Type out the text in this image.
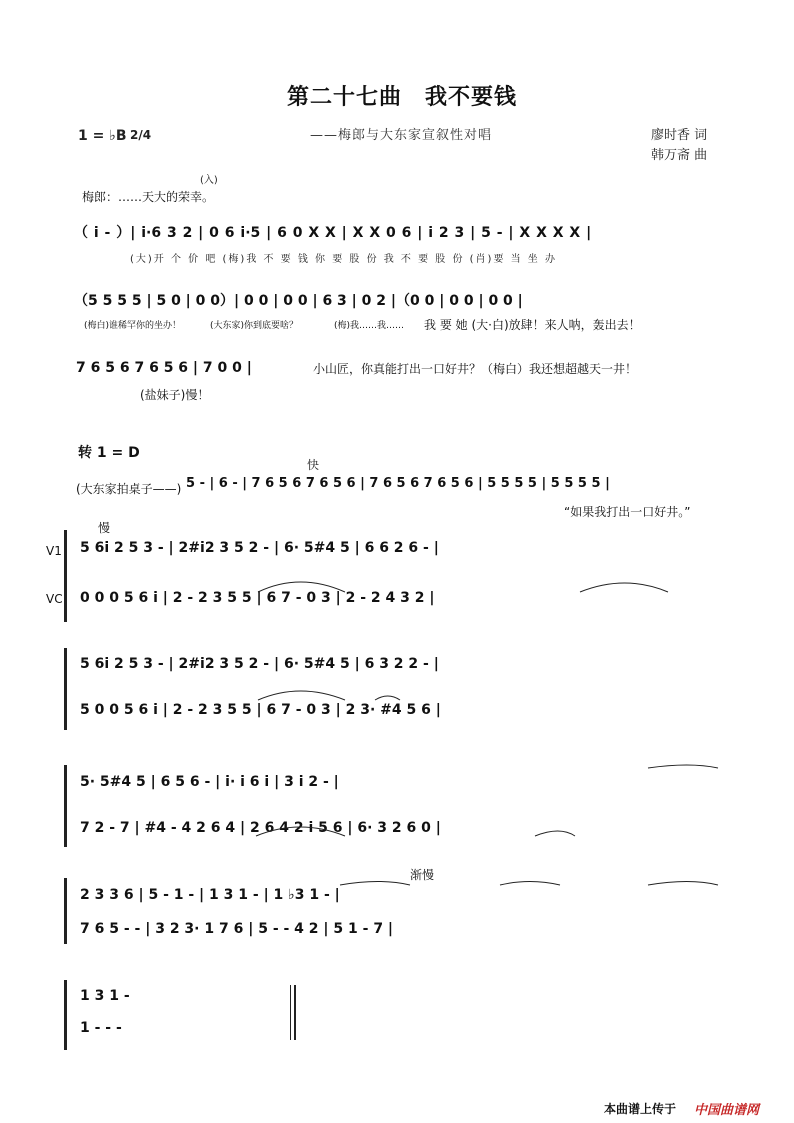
第二十七曲　我不要钱
——梅郎与大东家宣叙性对唱
1 = ♭B 2/4	廖时香 词
韩万斋 曲
(入)
梅郎：……天大的荣幸。
（ i - ）| i·6 3 2 | 0 6 i·5 | 6 0 X X | X X 0 6 | i 2 3 | 5 - | X X X X |
(大)开 个 价 吧 (梅)我 不 要 钱 你 要 股 份 我 不 要 股 份 (肖)要 当 坐 办
（5 5 5 5 | 5 0 | 0 0）| 0 0 | 0 0 | 6 3 | 0 2 |（0 0 | 0 0 | 0 0 |
(梅白)谁稀罕你的坐办！	(大东家)你到底要啥？	(梅)我……我…… 我 要 她 (大·白)放肆！来人呐，轰出去！
7 6 5 6 7 6 5 6 | 7 0 0 |	小山匠，你真能打出一口好井？（梅白）我还想超越天一井！
(盐妹子)慢！
转 1 = D
快
(大东家拍桌子——) 5 - | 6 - | 7 6 5 6 7 6 5 6 | 7 6 5 6 7 6 5 6 | 5 5 5 5 | 5 5 5 5 |
“如果我打出一口好井。”
慢
V1
VC
5 6i 2 5 3 - | 2#i2 3 5 2 - | 6· 5#4 5 | 6 6 2 6 - |
0 0 0 5 6 i | 2 - 2 3 5 5 | 6 7 - 0 3 | 2 - 2 4 3 2 |
5 6i 2 5 3 - | 2#i2 3 5 2 - | 6· 5#4 5 | 6 3 2 2 - |
5 0 0 5 6 i | 2 - 2 3 5 5 | 6 7 - 0 3 | 2 3· #4 5 6 |
5· 5#4 5 | 6 5 6 - | i· i 6 i | 3 i 2 - |
7 2 - 7 | #4 - 4 2 6 4 | 2 6 4 2 i 5 6 | 6· 3 2 6 0 |
渐慢
2 3 3 6 | 5 - 1 - | 1 3 1 - | 1 ♭3 1 - |
7 6 5 - - | 3 2 3· 1 7 6 | 5 - - 4 2 | 5 1 - 7 |
1 3 1 -
1 - - -
本曲谱上传于 中国曲谱网
